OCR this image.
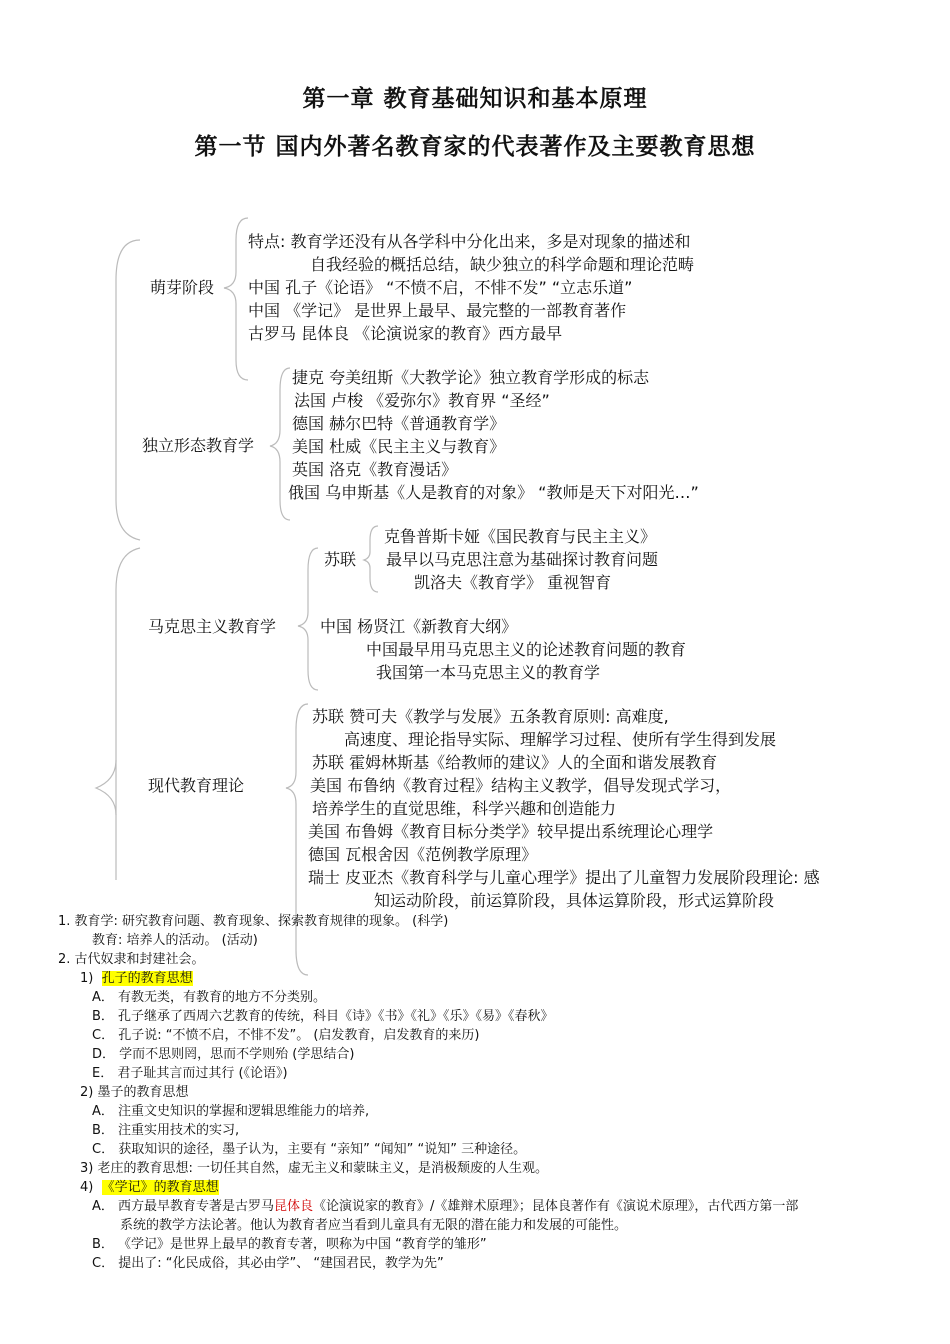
第一章 教育基础知识和基本原理
第一节 国内外著名教育家的代表著作及主要教育思想
萌芽阶段
特点: 教育学还没有从各学科中分化出来，多是对现象的描述和
自我经验的概括总结，缺少独立的科学命题和理论范畴
中国 孔子《论语》 “不愤不启，不悱不发” “立志乐道”
中国 《学记》 是世界上最早、最完整的一部教育著作
古罗马 昆体良 《论演说家的教育》西方最早
独立形态教育学
捷克 夸美纽斯《大教学论》独立教育学形成的标志
法国 卢梭 《爱弥尔》教育界 “圣经”
德国 赫尔巴特《普通教育学》
美国 杜威《民主主义与教育》
英国 洛克《教育漫话》
俄国 乌申斯基《人是教育的对象》 “教师是天下对阳光…”
马克思主义教育学
苏联
克鲁普斯卡娅《国民教育与民主主义》
最早以马克思注意为基础探讨教育问题
凯洛夫《教育学》 重视智育
中国 杨贤江《新教育大纲》
中国最早用马克思主义的论述教育问题的教育
我国第一本马克思主义的教育学
现代教育理论
苏联 赞可夫《教学与发展》五条教育原则: 高难度,
高速度、理论指导实际、理解学习过程、使所有学生得到发展
苏联 霍姆林斯基《给教师的建议》人的全面和谐发展教育
美国 布鲁纳《教育过程》结构主义教学，倡导发现式学习，
培养学生的直觉思维，科学兴趣和创造能力
美国 布鲁姆《教育目标分类学》较早提出系统理论心理学
德国 瓦根舍因《范例教学原理》
瑞士 皮亚杰《教育科学与儿童心理学》提出了儿童智力发展阶段理论: 感
知运动阶段，前运算阶段，具体运算阶段，形式运算阶段
1. 教育学: 研究教育问题、教育现象、探索教育规律的现象。 (科学)
教育: 培养人的活动。 (活动)
2. 古代奴隶和封建社会。
1) 孔子的教育思想
A． 有教无类，有教育的地方不分类别。
B． 孔子继承了西周六艺教育的传统，科目《诗》《书》《礼》《乐》《易》《春秋》
C． 孔子说: “不愤不启，不悱不发”。 (启发教育，启发教育的来历)
D． 学而不思则罔，思而不学则殆 (学思结合)
E． 君子耻其言而过其行 (《论语》)
2) 墨子的教育思想
A． 注重文史知识的掌握和逻辑思维能力的培养,
B． 注重实用技术的实习,
C． 获取知识的途径，墨子认为，主要有 “亲知” “闻知” “说知” 三种途径。
3) 老庄的教育思想: 一切任其自然，虚无主义和蒙昧主义，是消极颓废的人生观。
4) 《学记》的教育思想
A． 西方最早教育专著是古罗马昆体良《论演说家的教育》/《雄辩术原理》；昆体良著作有《演说术原理》，古代西方第一部
系统的教学方法论著。他认为教育者应当看到儿童具有无限的潜在能力和发展的可能性。
B． 《学记》是世界上最早的教育专著，呗称为中国 “教育学的雏形”
C． 提出了: “化民成俗，其必由学”、 “建国君民，教学为先”
